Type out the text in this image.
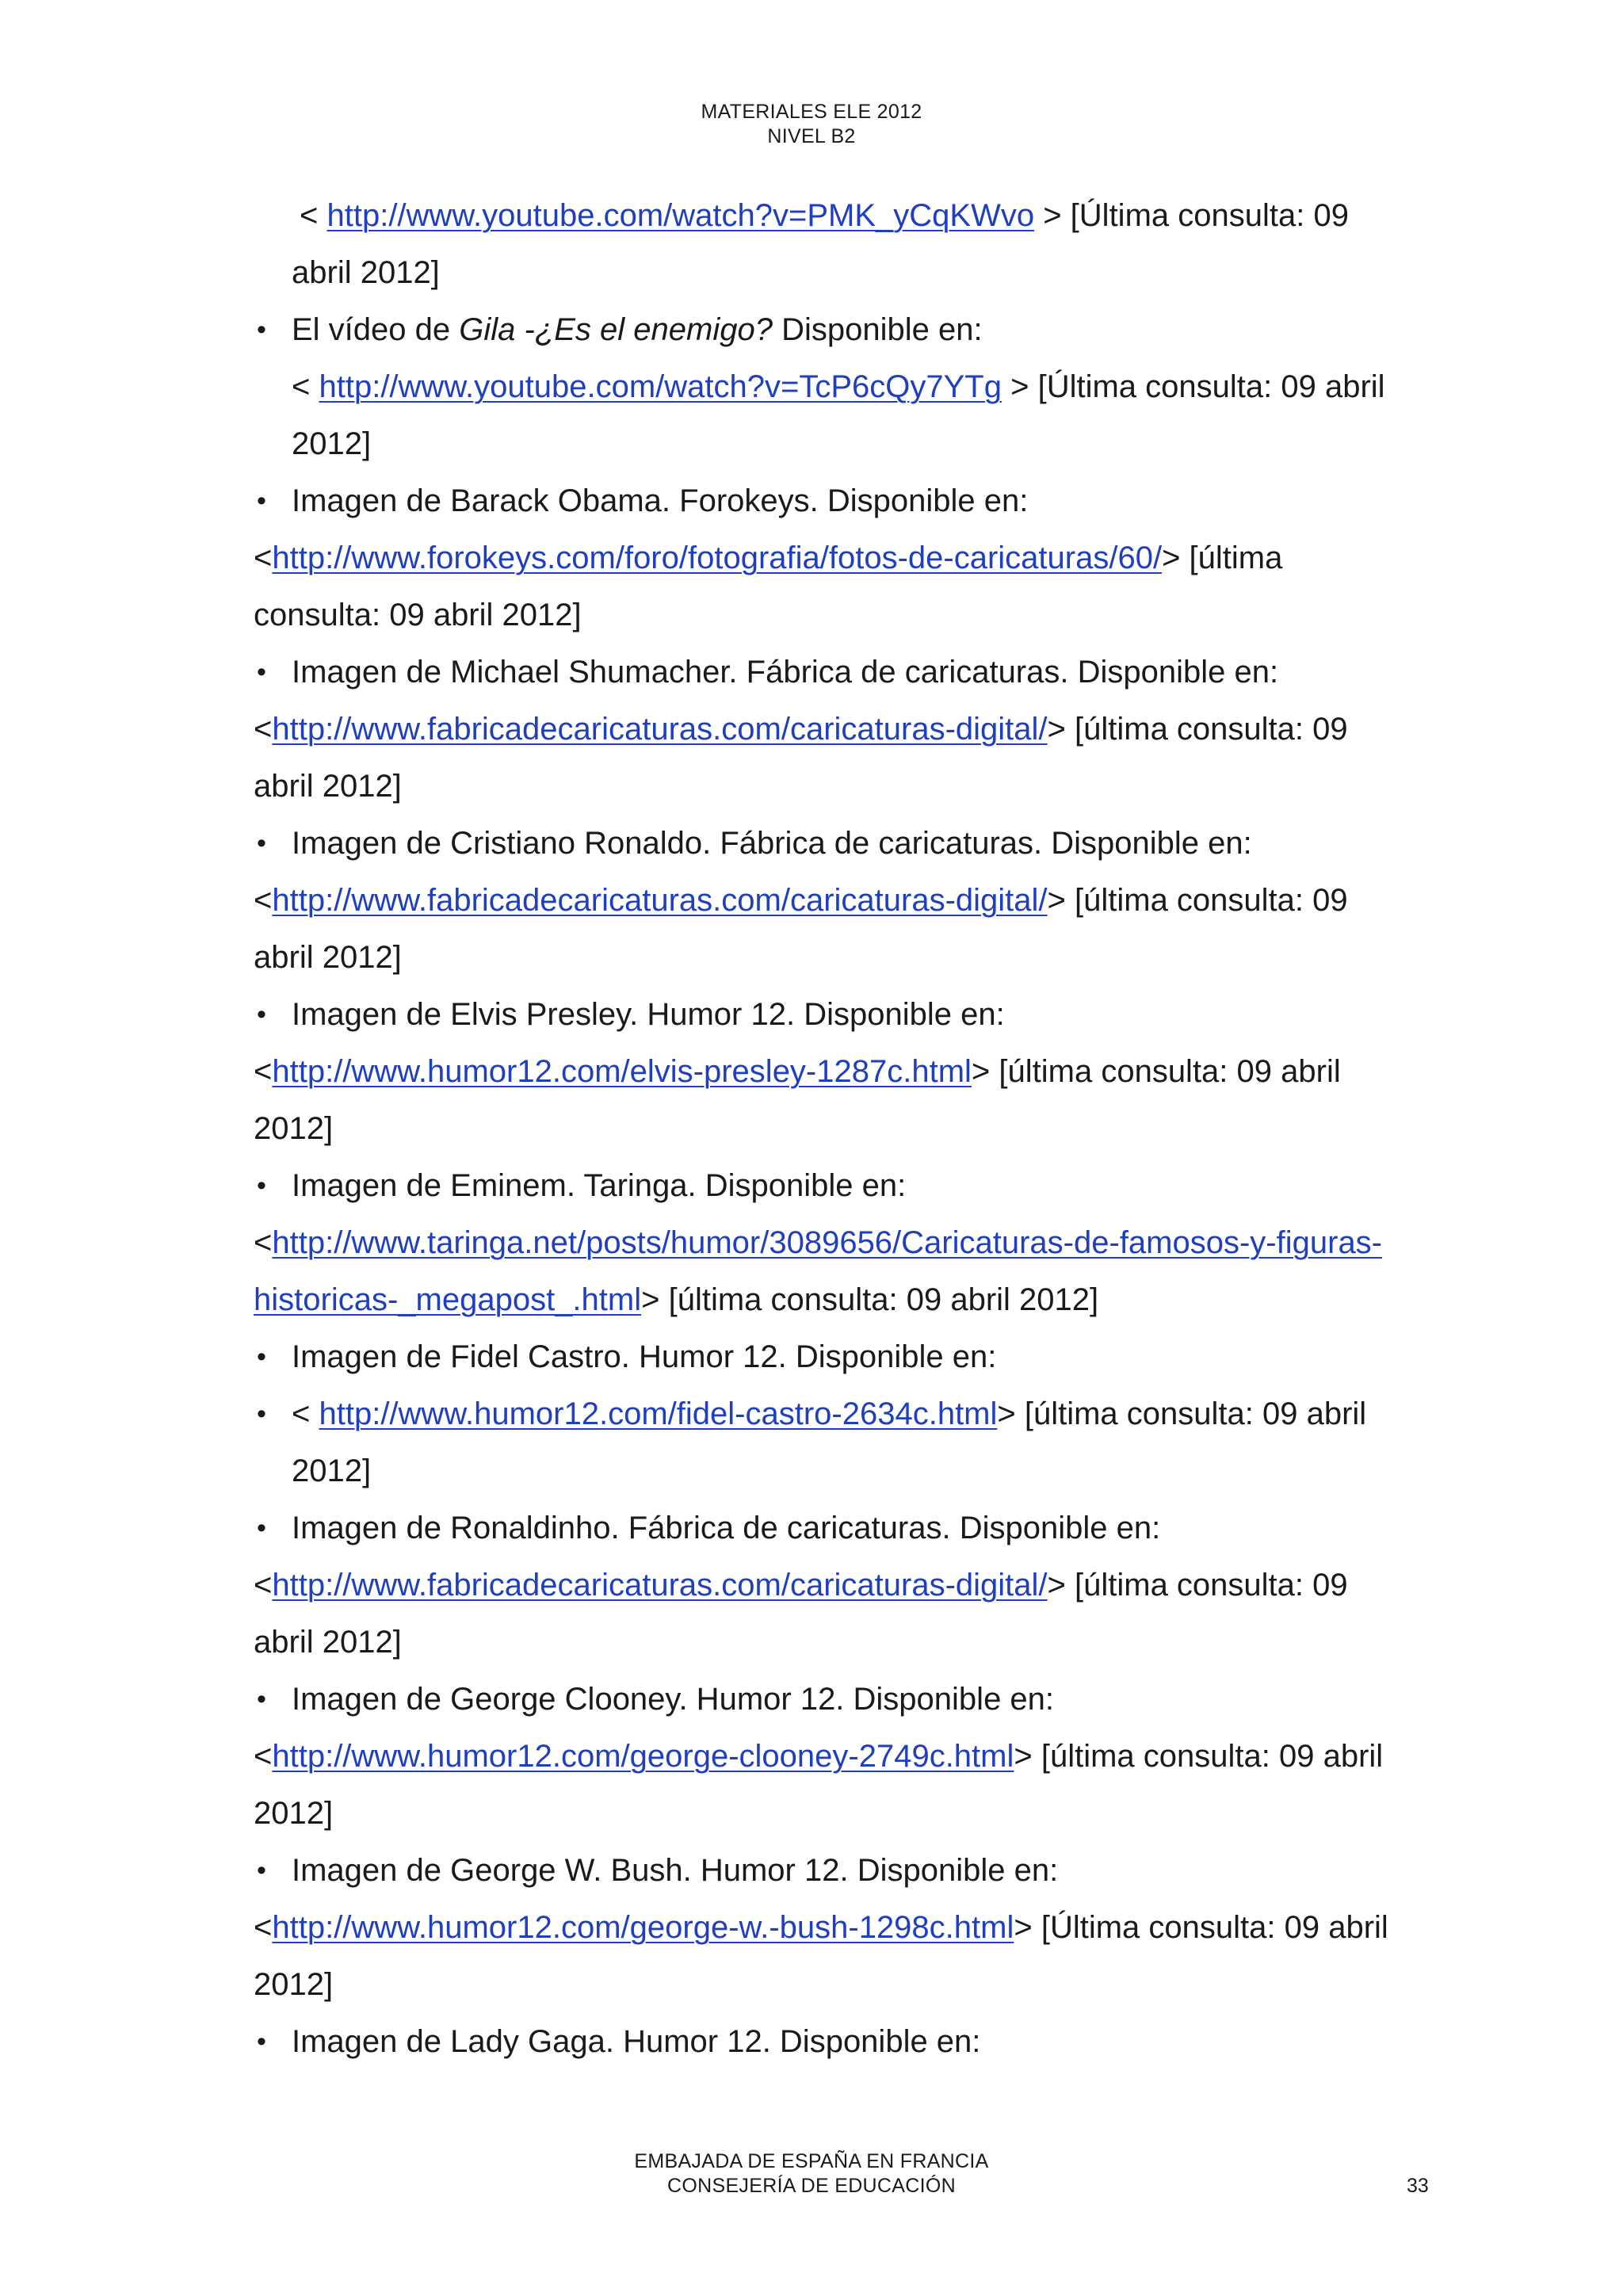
MATERIALES ELE 2012
NIVEL B2
< http://www.youtube.com/watch?v=PMK_yCqKWvo > [Última consulta: 09
abril 2012]
• El vídeo de Gila -¿Es el enemigo? Disponible en:
< http://www.youtube.com/watch?v=TcP6cQy7YTg > [Última consulta: 09 abril
2012]
• Imagen de Barack Obama. Forokeys. Disponible en:
<http://www.forokeys.com/foro/fotografia/fotos-de-caricaturas/60/> [última
consulta: 09 abril 2012]
• Imagen de Michael Shumacher. Fábrica de caricaturas. Disponible en:
<http://www.fabricadecaricaturas.com/caricaturas-digital/> [última consulta: 09
abril 2012]
• Imagen de Cristiano Ronaldo. Fábrica de caricaturas. Disponible en:
<http://www.fabricadecaricaturas.com/caricaturas-digital/> [última consulta: 09
abril 2012]
• Imagen de Elvis Presley. Humor 12. Disponible en:
<http://www.humor12.com/elvis-presley-1287c.html> [última consulta: 09 abril
2012]
• Imagen de Eminem. Taringa. Disponible en:
<http://www.taringa.net/posts/humor/3089656/Caricaturas-de-famosos-y-figuras-
historicas-_megapost_.html> [última consulta: 09 abril 2012]
• Imagen de Fidel Castro. Humor 12. Disponible en:
• < http://www.humor12.com/fidel-castro-2634c.html> [última consulta: 09 abril
2012]
• Imagen de Ronaldinho. Fábrica de caricaturas. Disponible en:
<http://www.fabricadecaricaturas.com/caricaturas-digital/> [última consulta: 09
abril 2012]
• Imagen de George Clooney. Humor 12. Disponible en:
<http://www.humor12.com/george-clooney-2749c.html> [última consulta: 09 abril
2012]
• Imagen de George W. Bush. Humor 12. Disponible en:
<http://www.humor12.com/george-w.-bush-1298c.html> [Última consulta: 09 abril
2012]
• Imagen de Lady Gaga. Humor 12. Disponible en:
EMBAJADA DE ESPAÑA EN FRANCIA
CONSEJERÍA DE EDUCACIÓN	33
